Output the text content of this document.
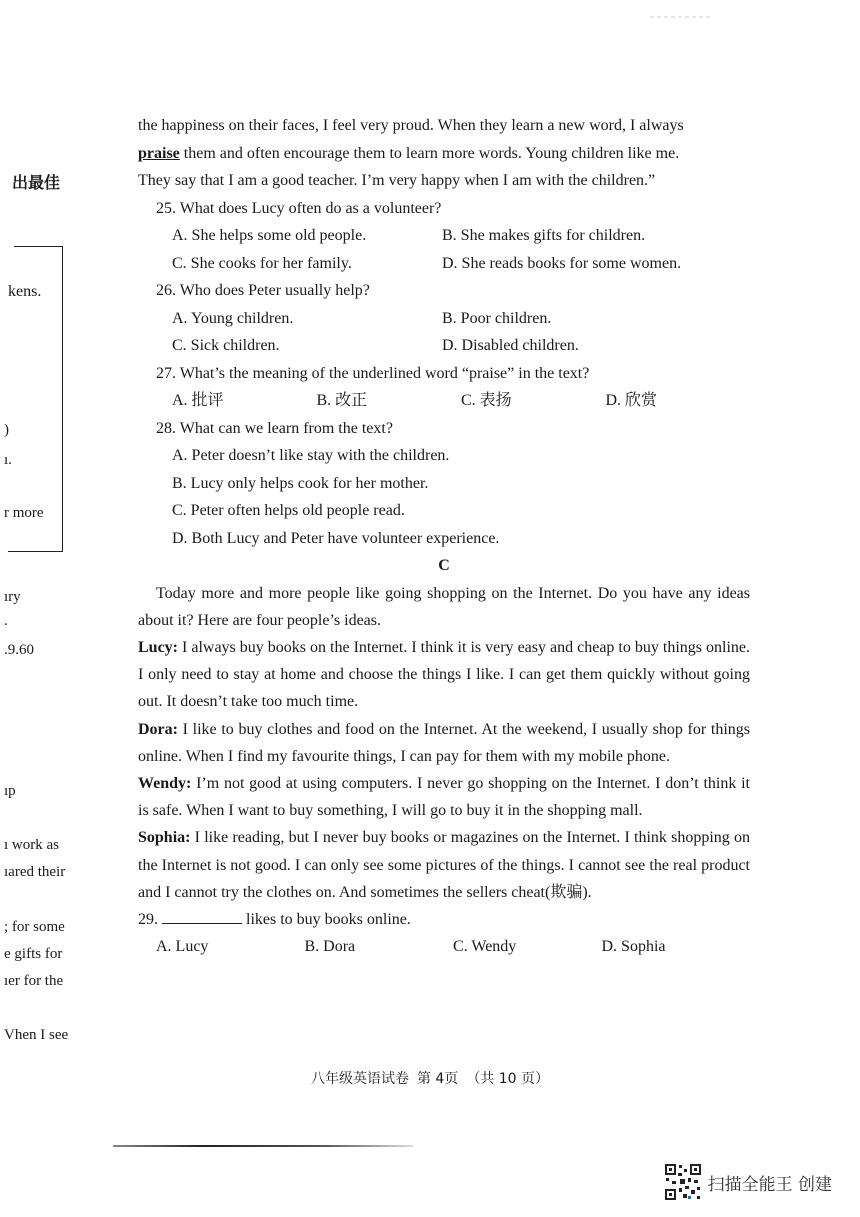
出最佳
kens.
)
ı.
r more
ıry
.
.9.60
ıp
ı work as
ıared their
; for some
e gifts for
ıer for the
Vhen I see
the happiness on their faces, I feel very proud. When they learn a new word, I always
praise them and often encourage them to learn more words. Young children like me.
They say that I am a good teacher. I’m very happy when I am with the children.”
25. What does Lucy often do as a volunteer?
A. She helps some old people.	B. She makes gifts for children.
C. She cooks for her family.	D. She reads books for some women.
26. Who does Peter usually help?
A. Young children.	B. Poor children.
C. Sick children.	D. Disabled children.
27. What’s the meaning of the underlined word “praise” in the text?
A. 批评	B. 改正	C. 表扬	D. 欣赏
28. What can we learn from the text?
A. Peter doesn’t like stay with the children.
B. Lucy only helps cook for her mother.
C. Peter often helps old people read.
D. Both Lucy and Peter have volunteer experience.
C
Today more and more people like going shopping on the Internet. Do you have any ideas about it? Here are four people’s ideas.
Lucy: I always buy books on the Internet. I think it is very easy and cheap to buy things online. I only need to stay at home and choose the things I like. I can get them quickly without going out. It doesn’t take too much time.
Dora: I like to buy clothes and food on the Internet. At the weekend, I usually shop for things online. When I find my favourite things, I can pay for them with my mobile phone.
Wendy: I’m not good at using computers. I never go shopping on the Internet. I don’t think it is safe. When I want to buy something, I will go to buy it in the shopping mall.
Sophia: I like reading, but I never buy books or magazines on the Internet. I think shopping on the Internet is not good. I can only see some pictures of the things. I cannot see the real product and I cannot try the clothes on. And sometimes the sellers cheat(欺骗).
29.	likes to buy books online.
A. Lucy	B. Dora	C. Wendy	D. Sophia
八年级英语试卷 第 4页 （共 10 页）
扫描全能王 创建
